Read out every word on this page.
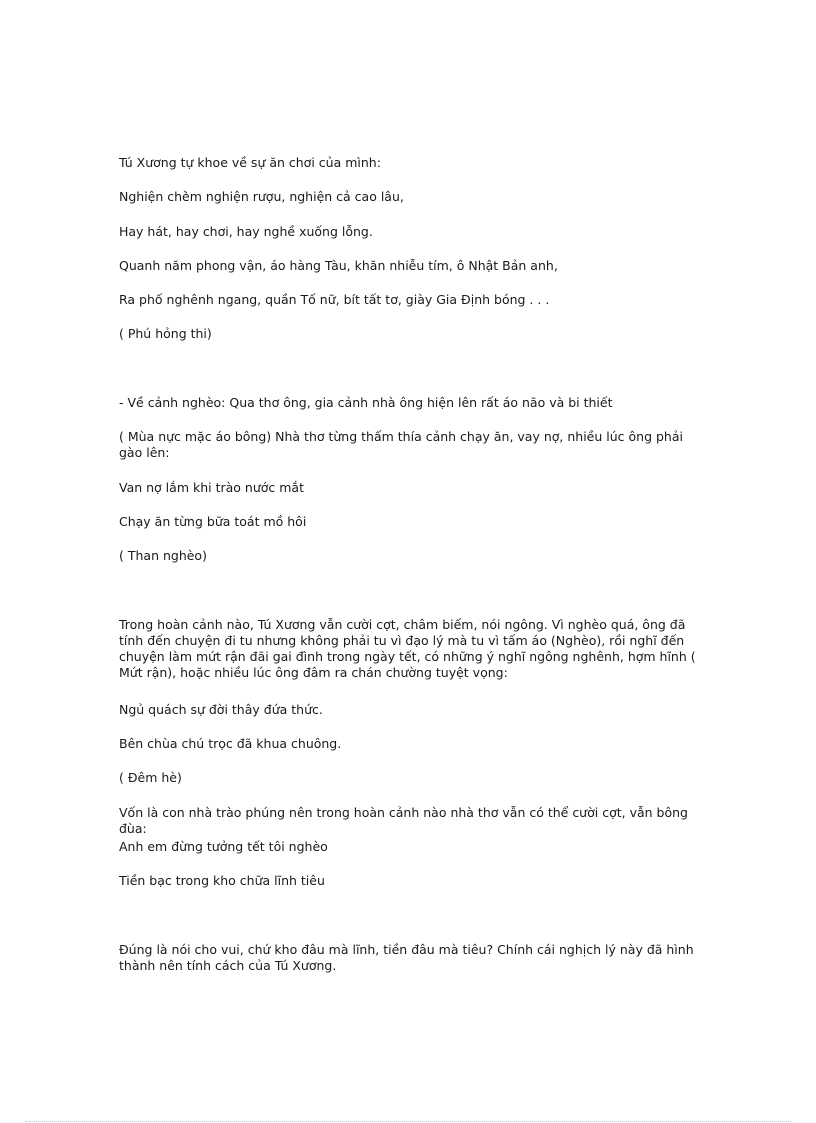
Tú Xương tự khoe về sự ăn chơi của mình:

Nghiện chè̀m nghiện rượu, nghiện cả cao lâu,

Hay hát, hay chơi, hay nghề xuống lỗng.

Quanh năm phong vận, áo hàng Tàu, khăn nhiễu tím, ô Nhật Bản anh,

Ra phố nghênh ngang, quần Tố nữ, bít tất tơ, giày Gia Định bóng . . .

( Phú hỏng thi)

- Về cảnh nghèo: Qua thơ ông, gia cảnh nhà ông hiện lên rất áo não và bi thiết

( Mùa nực mặc áo bông) Nhà thơ từng thấm thía cảnh chạy ăn, vay nợ, nhiều lúc ông phải gào lên:

Van nợ lắm khi trào nước mắt

Chạy ăn từng bữa toát mồ hôi

( Than nghèo)

Trong hoàn cảnh nào, Tú Xương vẫn cười cợt, châm biếm, nói ngông. Vì nghèo quá, ông đã tính đến chuyện đi tu nhưng không phải tu vì đạo lý mà tu vì tấm áo (Nghèo), rồi nghĩ đến chuyện làm mứt rận đãi gai đình trong ngày tết, có những ý nghĩ ngông nghênh, hợm hĩnh ( Mứt rận), hoặc nhiều lúc ông đâm ra chán chường tuyệt vọng:

Ngủ quách sự đời thây đứa thức.

Bên chùa chú trọc đã khua chuông.

( Đêm hè)

Vốn là con nhà trào phúng nên trong hoàn cảnh nào nhà thơ vẫn có thể cười cợt, vẫn bông đùa:

Anh em đừng tưởng tết tôi nghèo

Tiền bạc trong kho chữa lĩnh tiêu

Đúng là nói cho vui, chứ kho đâu mà lĩnh, tiền đâu mà tiêu? Chính cái nghịch lý này đã hình thành nên tính cách của Tú Xương.
